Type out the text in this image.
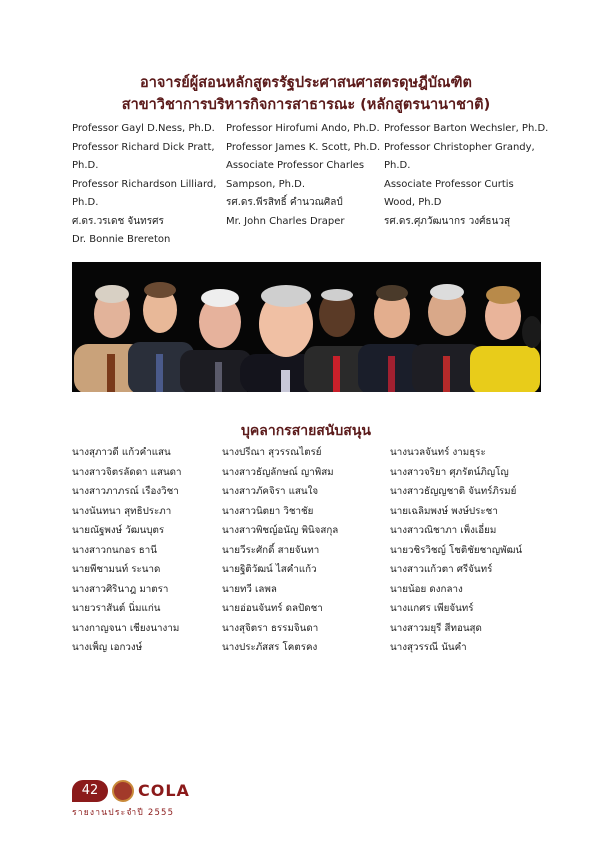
อาจารย์ผู้สอนหลักสูตรรัฐประศาสนศาสตรดุษฎีบัณฑิต
สาขาวิชาการบริหารกิจการสาธารณะ (หลักสูตรนานาชาติ)
Professor Gayl D.Ness, Ph.D.
Professor Richard Dick Pratt,
Ph.D.
Professor Richardson Lilliard,
Ph.D.
ศ.ดร.วรเดช จันทรศร
Dr. Bonnie Brereton
Professor Hirofumi Ando, Ph.D.
Professor James K. Scott, Ph.D.
Associate Professor Charles
Sampson, Ph.D.
รศ.ดร.พีรสิทธิ์ คำนวณศิลป์
Mr. John Charles Draper
Professor Barton Wechsler, Ph.D.
Professor Christopher Grandy,
Ph.D.
Associate Professor Curtis
Wood, Ph.D
รศ.ดร.ศุภวัฒนากร วงศ์ธนวสุ
บุคลากรสายสนับสนุน
นางสุภาวดี แก้วคำแสน
นางสาวจิตรลัดดา แสนดา
นางสาวภาภรณ์ เรืองวิชา
นางนันทนา สุทธิประภา
นายณัฐพงษ์ วัฒนบุตร
นางสาวกนกอร ธานี
นายพีชามนท์ ระนาด
นางสาวศิรินาฎ มาตรา
นายวราสันต์ นิ่มแก่น
นางกาญจนา เชียงนางาม
นางเพ็ญ เอกวงษ์
นางปรีณา สุวรรณไตรย์
นางสาวธัญลักษณ์ ญาพิสม
นางสาวภัคจิรา แสนใจ
นางสาวนิตยา วิชาชัย
นางสาวพิชญ์อนัญ พินิจสกุล
นายวีระศักดิ์ สายจันทา
นายฐิติวัฒน์ ไสคำแก้ว
นายทวี เลพล
นายอ่อนจันทร์ ดลปัดชา
นางสุจิตรา ธรรมจินดา
นางประภัสสร โคตรคง
นางนวลจันทร์ งามธุระ
นางสาวจริยา ศุภรัตน์ภิญโญ
นางสาวธัญญชาติ จันทร์ภิรมย์
นายเฉลิมพงษ์ พงษ์ประชา
นางสาวณิชาภา เพ็งเอี่ยม
นายวชิรวิชญ์ โชติชัยชาญพัฒน์
นางสาวแก้วตา ศรีจันทร์
นายน้อย ดงกลาง
นางแกศร เพียจันทร์
นางสาวมยุรี สีทอนสุด
นางสุวรรณี นันคำ
42	COLA
รายงานประจำปี 2555
